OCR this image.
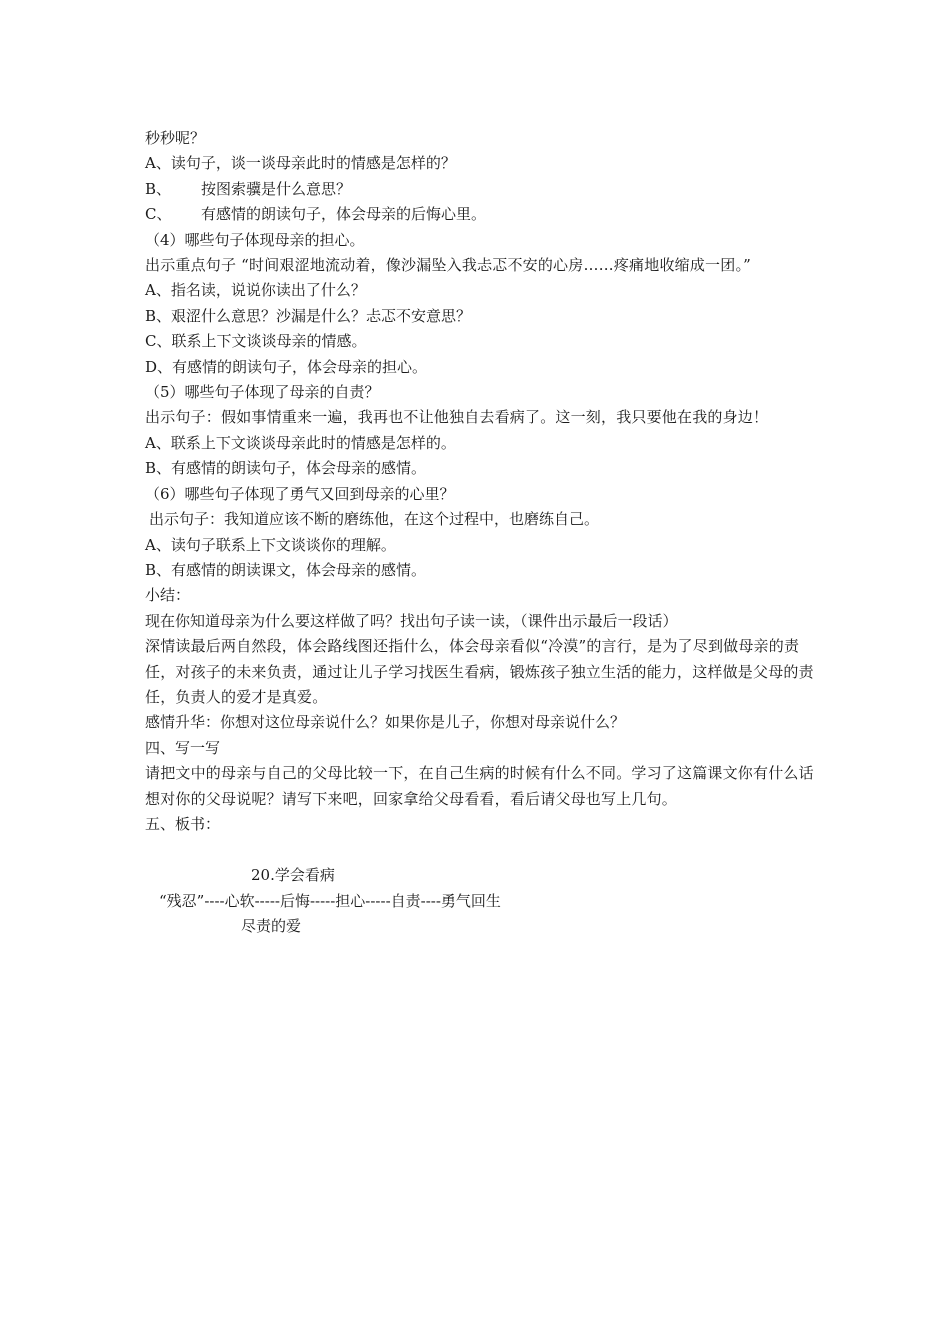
秒秒呢？

A、读句子，谈一谈母亲此时的情感是怎样的？

B、 按图索骥是什么意思？

C、 有感情的朗读句子，体会母亲的后悔心里。

（4）哪些句子体现母亲的担心。

出示重点句子 “时间艰涩地流动着，像沙漏坠入我忐忑不安的心房……疼痛地收缩成一团。”

A、指名读，说说你读出了什么？

B、艰涩什么意思？沙漏是什么？忐忑不安意思？

C、联系上下文谈谈母亲的情感。

D、有感情的朗读句子，体会母亲的担心。

（5）哪些句子体现了母亲的自责？

出示句子：假如事情重来一遍，我再也不让他独自去看病了。这一刻，我只要他在我的身边！

A、联系上下文谈谈母亲此时的情感是怎样的。

B、有感情的朗读句子，体会母亲的感情。

（6）哪些句子体现了勇气又回到母亲的心里？

出示句子：我知道应该不断的磨练他，在这个过程中，也磨练自己。

A、读句子联系上下文谈谈你的理解。

B、有感情的朗读课文，体会母亲的感情。

小结：

现在你知道母亲为什么要这样做了吗？找出句子读一读，（课件出示最后一段话）

深情读最后两自然段，体会路线图还指什么，体会母亲看似“冷漠”的言行，是为了尽到做母亲的责任，对孩子的未来负责，通过让儿子学习找医生看病，锻炼孩子独立生活的能力，这样做是父母的责任，负责人的爱才是真爱。

感情升华：你想对这位母亲说什么？如果你是儿子，你想对母亲说什么？

四、写一写

请把文中的母亲与自己的父母比较一下，在自己生病的时候有什么不同。学习了这篇课文你有什么话想对你的父母说呢？请写下来吧，回家拿给父母看看，看后请父母也写上几句。

五、板书：

20.学会看病

“残忍”----心软-----后悔-----担心-----自责----勇气回生

尽责的爱
